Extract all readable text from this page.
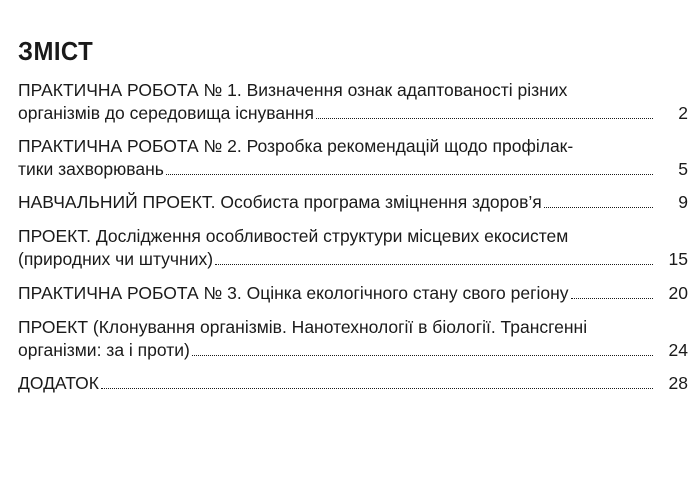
ЗМІСТ
ПРАКТИЧНА РОБОТА № 1. Визначення ознак адаптованості різних
організмів до середовища існування	2
ПРАКТИЧНА РОБОТА № 2. Розробка рекомендацій щодо профілак-
тики захворювань	5
НАВЧАЛЬНИЙ ПРОЕКТ. Особиста програма зміцнення здоров’я	9
ПРОЕКТ. Дослідження особливостей структури місцевих екосистем
(природних чи штучних)	15
ПРАКТИЧНА РОБОТА № 3. Оцінка екологічного стану свого регіону	20
ПРОЕКТ (Клонування організмів. Нанотехнології в біології. Трансгенні
організми: за і проти)	24
ДОДАТОК	28
